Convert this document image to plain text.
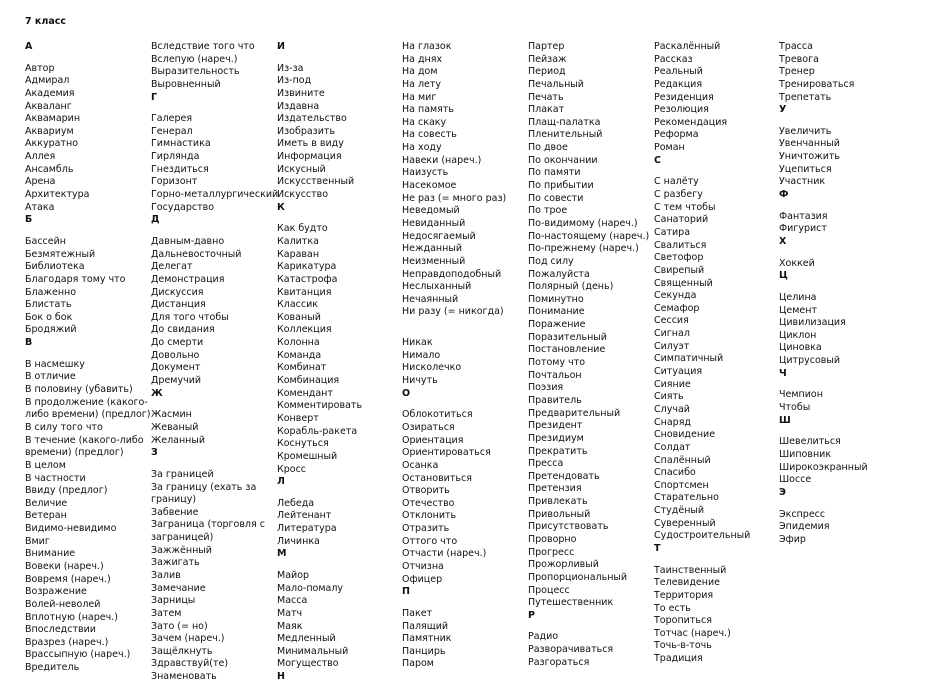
7 класс
А
Автор
Адмирал
Академия
Акваланг
Аквамарин
Аквариум
Аккуратно
Аллея
Ансамбль
Арена
Архитектура
Атака
Б
Бассейн
Безмятежный
Библиотека
Благодаря тому что
Блаженно
Блистать
Бок о бок
Бродяжий
В
В насмешку
В отличие
В половину (убавить)
В продолжение (какого-
либо времени) (предлог)
В силу того что
В течение (какого-либо
времени) (предлог)
В целом
В частности
Ввиду (предлог)
Величие
Ветеран
Видимо-невидимо
Вмиг
Внимание
Вовеки (нареч.)
Вовремя (нареч.)
Возражение
Волей-неволей
Вплотную (нареч.)
Впоследствии
Вразрез (нареч.)
Врассыпную (нареч.)
Вредитель
Вследствие того что
Вслепую (нареч.)
Выразительность
Выровненный
Г
Галерея
Генерал
Гимнастика
Гирлянда
Гнездиться
Горизонт
Горно-металлургический
Государство
Д
Давным-давно
Дальневосточный
Делегат
Демонстрация
Дискуссия
Дистанция
Для того чтобы
До свидания
До смерти
Довольно
Документ
Дремучий
Ж
Жасмин
Жеваный
Желанный
З
За границей
За границу (ехать за
границу)
Забвение
Заграница (торговля с
заграницей)
Зажжённый
Зажигать
Залив
Замечание
Зарницы
Затем
Зато (= но)
Зачем (нареч.)
Защёлкнуть
Здравствуй(те)
Знаменовать
И
Из-за
Из-под
Извините
Издавна
Издательство
Изобразить
Иметь в виду
Информация
Искусный
Искусственный
Искусство
К
Как будто
Калитка
Караван
Карикатура
Катастрофа
Квитанция
Классик
Кованый
Коллекция
Колонна
Команда
Комбинат
Комбинация
Комендант
Комментировать
Конверт
Корабль-ракета
Коснуться
Кромешный
Кросс
Л
Лебеда
Лейтенант
Литература
Личинка
М
Майор
Мало-помалу
Масса
Матч
Маяк
Медленный
Минимальный
Могущество
Н
На глазок
На днях
На дом
На лету
На миг
На память
На скаку
На совесть
На ходу
Навеки (нареч.)
Наизусть
Насекомое
Не раз (= много раз)
Неведомый
Невиданный
Недосягаемый
Нежданный
Неизменный
Неправдоподобный
Неслыханный
Нечаянный
Ни разу (= никогда)
Никак
Нимало
Нисколечко
Ничуть
О
Облокотиться
Озираться
Ориентация
Ориентироваться
Осанка
Остановиться
Отворить
Отечество
Отклонить
Отразить
Оттого что
Отчасти (нареч.)
Отчизна
Офицер
П
Пакет
Палящий
Памятник
Панцирь
Паром
Партер
Пейзаж
Период
Печальный
Печать
Плакат
Плащ-палатка
Пленительный
По двое
По окончании
По памяти
По прибытии
По совести
По трое
По-видимому (нареч.)
По-настоящему (нареч.)
По-прежнему (нареч.)
Под силу
Пожалуйста
Полярный (день)
Поминутно
Понимание
Поражение
Поразительный
Постановление
Потому что
Почтальон
Поэзия
Правитель
Предварительный
Президент
Президиум
Прекратить
Пресса
Претендовать
Претензия
Привлекать
Привольный
Присутствовать
Проворно
Прогресс
Прожорливый
Пропорциональный
Процесс
Путешественник
Р
Радио
Разворачиваться
Разгораться
Раскалённый
Рассказ
Реальный
Редакция
Резиденция
Резолюция
Рекомендация
Реформа
Роман
С
С налёту
С разбегу
С тем чтобы
Санаторий
Сатира
Свалиться
Светофор
Свирепый
Священный
Секунда
Семафор
Сессия
Сигнал
Силуэт
Симпатичный
Ситуация
Сияние
Сиять
Случай
Снаряд
Сновидение
Солдат
Спалённый
Спасибо
Спортсмен
Старательно
Студёный
Суверенный
Судостроительный
Т
Таинственный
Телевидение
Территория
То есть
Торопиться
Тотчас (нареч.)
Точь-в-точь
Традиция
Трасса
Тревога
Тренер
Тренироваться
Трепетать
У
Увеличить
Увенчанный
Уничтожить
Уцепиться
Участник
Ф
Фантазия
Фигурист
Х
Хоккей
Ц
Целина
Цемент
Цивилизация
Циклон
Циновка
Цитрусовый
Ч
Чемпион
Чтобы
Ш
Шевелиться
Шиповник
Широкоэкранный
Шоссе
Э
Экспресс
Эпидемия
Эфир
